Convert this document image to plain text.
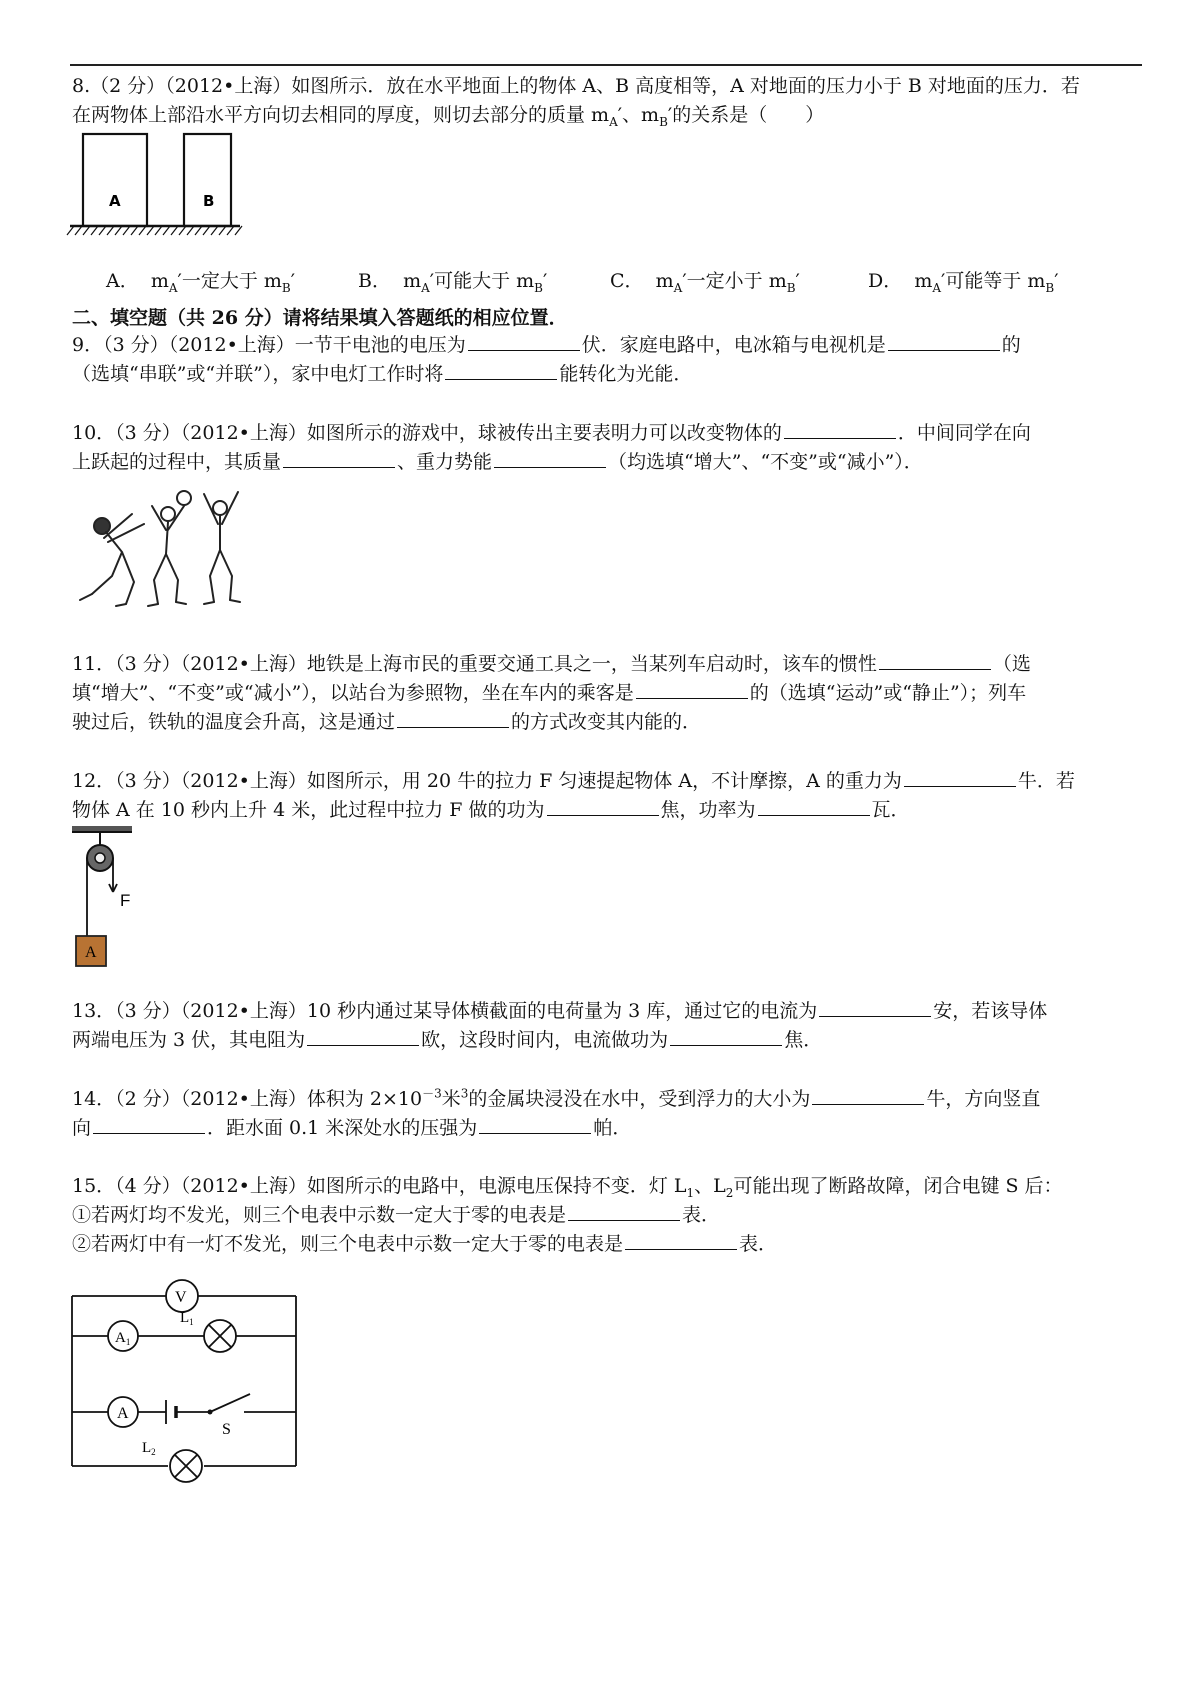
8.（2 分）（2012•上海）如图所示．放在水平地面上的物体 A、B 高度相等，A 对地面的压力小于 B 对地面的压力．若
在两物体上部沿水平方向切去相同的厚度，则切去部分的质量 $m_A'$、$m_B'$的关系是（　　）
A	B
A． $m_A'$一定大于 $m_B'$	B． $m_A'$可能大于 $m_B'$	C． $m_A'$一定小于 $m_B'$	D． $m_A'$可能等于 $m_B'$
二、填空题（共 26 分）请将结果填入答题纸的相应位置．
9．（3 分）（2012•上海）一节干电池的电压为	伏．家庭电路中，电冰箱与电视机是	的
（选填“串联”或“并联”），家中电灯工作时将	能转化为光能．
10．（3 分）（2012•上海）如图所示的游戏中，球被传出主要表明力可以改变物体的	．中间同学在向
上跃起的过程中，其质量	、重力势能	（均选填“增大”、“不变”或“减小”）．
11．（3 分）（2012•上海）地铁是上海市民的重要交通工具之一，当某列车启动时，该车的惯性	（选
填“增大”、“不变”或“减小”），以站台为参照物，坐在车内的乘客是	的（选填“运动”或“静止”）；列车
驶过后，铁轨的温度会升高，这是通过	的方式改变其内能的．
12．（3 分）（2012•上海）如图所示，用 20 牛的拉力 F 匀速提起物体 A，不计摩擦，A 的重力为	牛．若
物体 A 在 10 秒内上升 4 米，此过程中拉力 F 做的功为	焦，功率为	瓦．
F
A
13．（3 分）（2012•上海）10 秒内通过某导体横截面的电荷量为 3 库，通过它的电流为	安，若该导体
两端电压为 3 伏，其电阻为	欧，这段时间内，电流做功为	焦．
14．（2 分）（2012•上海）体积为 $2\times 10^{-3}$米$^3$的金属块浸没在水中，受到浮力的大小为	牛，方向竖直
向	．距水面 0.1 米深处水的压强为	帕．
15．（4 分）（2012•上海）如图所示的电路中，电源电压保持不变．灯 $L_1$、$L_2$可能出现了断路故障，闭合电键 S 后：
①若两灯均不发光，则三个电表中示数一定大于零的电表是	表．
②若两灯中有一灯不发光，则三个电表中示数一定大于零的电表是	表．
V
$A_1$
$L_1$
A
S
$L_2$
